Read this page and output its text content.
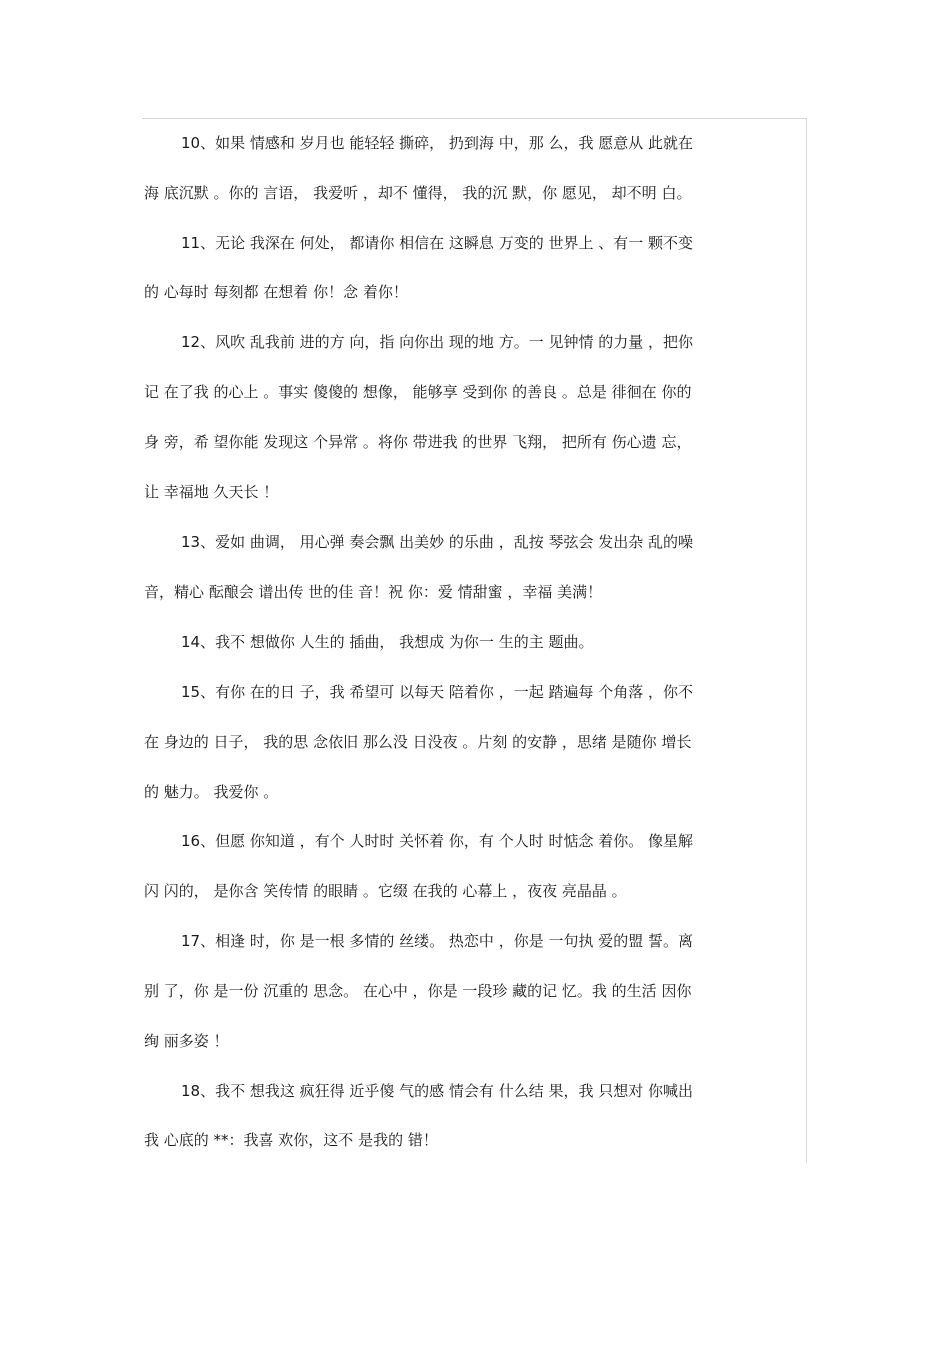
10、如果 情感和 岁月也 能轻轻 撕碎， 扔到海 中，那 么，我 愿意从 此就在
海 底沉默 。你的 言语， 我爱听 ，却不 懂得， 我的沉 默，你 愿见， 却不明 白。
11、无论 我深在 何处， 都请你 相信在 这瞬息 万变的 世界上 、有一 颗不变
的 心每时 每刻都 在想着 你！念 着你！
12、风吹 乱我前 进的方 向，指 向你出 现的地 方。一 见钟情 的力量 ，把你
记 在了我 的心上 。事实 傻傻的 想像， 能够享 受到你 的善良 。总是 徘徊在 你的
身 旁，希 望你能 发现这 个异常 。将你 带进我 的世界 飞翔， 把所有 伤心遗 忘，
让 幸福地 久天长 ！
13、爱如 曲调， 用心弹 奏会飘 出美妙 的乐曲 ，乱按 琴弦会 发出杂 乱的噪
音，精心 酝酿会 谱出传 世的佳 音！祝 你：爱 情甜蜜 ，幸福 美满！
14、我不 想做你 人生的 插曲， 我想成 为你一 生的主 题曲。
15、有你 在的日 子，我 希望可 以每天 陪着你 ，一起 踏遍每 个角落 ，你不
在 身边的 日子， 我的思 念依旧 那么没 日没夜 。片刻 的安静 ，思绪 是随你 增长
的 魅力。 我爱你 。
16、但愿 你知道 ，有个 人时时 关怀着 你，有 个人时 时惦念 着你。 像星解
闪 闪的， 是你含 笑传情 的眼睛 。它缀 在我的 心幕上 ，夜夜 亮晶晶 。
17、相逢 时，你 是一根 多情的 丝缕。 热恋中 ，你是 一句执 爱的盟 誓。离
别 了，你 是一份 沉重的 思念。 在心中 ，你是 一段珍 藏的记 忆。我 的生活 因你
绚 丽多姿 ！
18、我不 想我这 疯狂得 近乎傻 气的感 情会有 什么结 果，我 只想对 你喊出
我 心底的 **：我喜 欢你，这不 是我的 错！
